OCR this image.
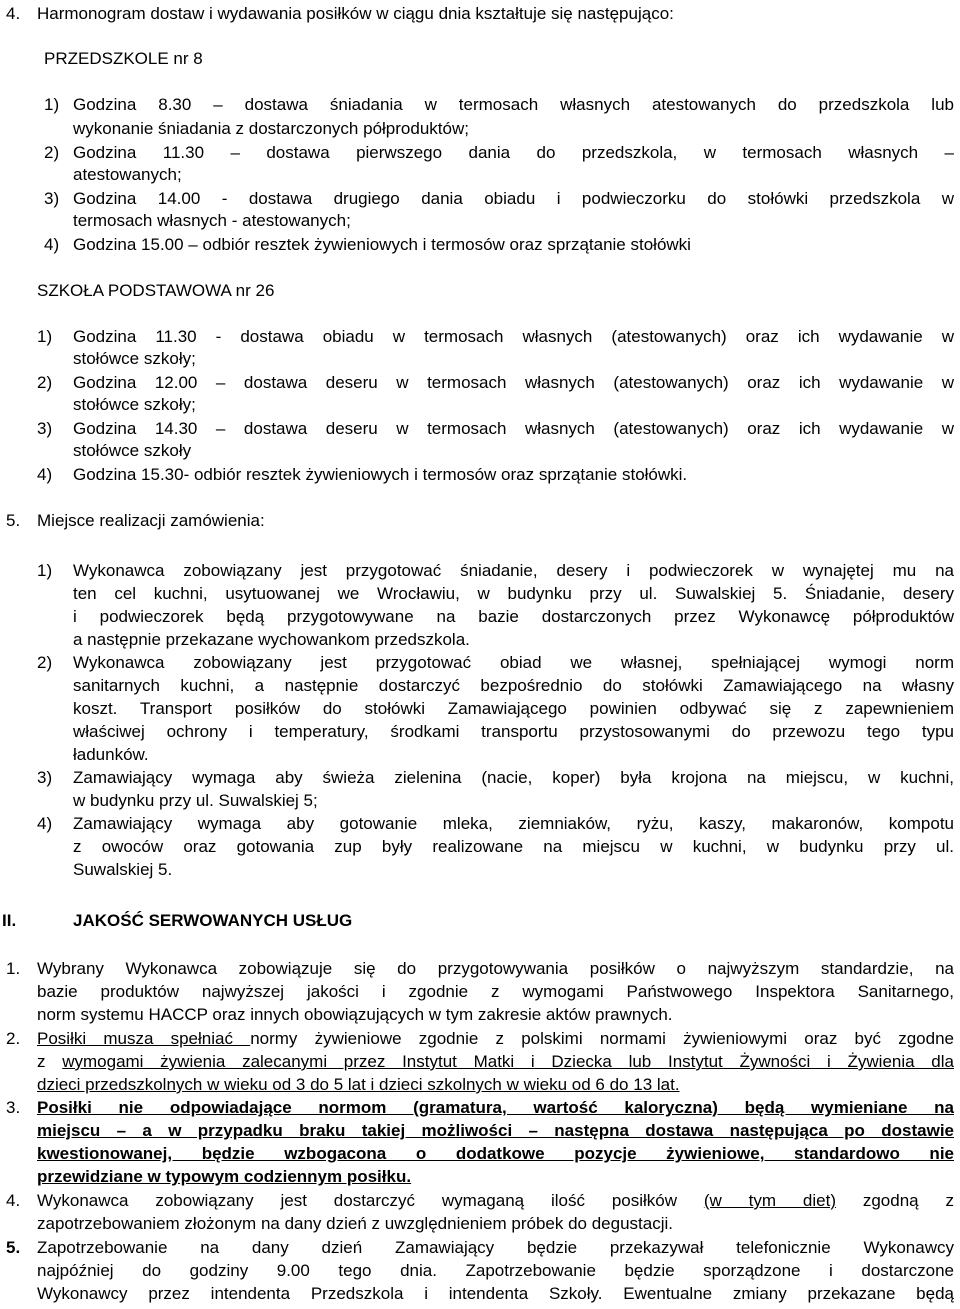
4. Harmonogram dostaw i wydawania posiłków w ciągu dnia kształtuje się następująco:
PRZEDSZKOLE nr 8
1) Godzina 8.30 – dostawa śniadania w termosach własnych atestowanych do przedszkola lub
wykonanie śniadania z dostarczonych półproduktów;
2) Godzina 11.30 – dostawa pierwszego dania do przedszkola, w termosach własnych –
atestowanych;
3) Godzina 14.00 - dostawa drugiego dania obiadu i podwieczorku do stołówki przedszkola w
termosach własnych - atestowanych;
4) Godzina 15.00 – odbiór resztek żywieniowych i termosów oraz sprzątanie stołówki
SZKOŁA PODSTAWOWA nr 26
1) Godzina 11.30 - dostawa obiadu w termosach własnych (atestowanych) oraz ich wydawanie w
stołówce szkoły;
2) Godzina 12.00 – dostawa deseru w termosach własnych (atestowanych) oraz ich wydawanie w
stołówce szkoły;
3) Godzina 14.30 – dostawa deseru w termosach własnych (atestowanych) oraz ich wydawanie w
stołówce szkoły
4) Godzina 15.30- odbiór resztek żywieniowych i termosów oraz sprzątanie stołówki.
5. Miejsce realizacji zamówienia:
1) Wykonawca zobowiązany jest przygotować śniadanie, desery i podwieczorek w wynajętej mu na
ten cel kuchni, usytuowanej we Wrocławiu, w budynku przy ul. Suwalskiej 5. Śniadanie, desery
i podwieczorek będą przygotowywane na bazie dostarczonych przez Wykonawcę półproduktów
a następnie przekazane wychowankom przedszkola.
2) Wykonawca zobowiązany jest przygotować obiad we własnej, spełniającej wymogi norm
sanitarnych kuchni, a następnie dostarczyć bezpośrednio do stołówki Zamawiającego na własny
koszt. Transport posiłków do stołówki Zamawiającego powinien odbywać się z zapewnieniem
właściwej ochrony i temperatury, środkami transportu przystosowanymi do przewozu tego typu
ładunków.
3) Zamawiający wymaga aby świeża zielenina (nacie, koper) była krojona na miejscu, w kuchni,
w budynku przy ul. Suwalskiej 5;
4) Zamawiający wymaga aby gotowanie mleka, ziemniaków, ryżu, kaszy, makaronów, kompotu
z owoców oraz gotowania zup były realizowane na miejscu w kuchni, w budynku przy ul.
Suwalskiej 5.
II.	JAKOŚĆ SERWOWANYCH USŁUG
1. Wybrany Wykonawca zobowiązuje się do przygotowywania posiłków o najwyższym standardzie, na
bazie produktów najwyższej jakości i zgodnie z wymogami Państwowego Inspektora Sanitarnego,
norm systemu HACCP oraz innych obowiązujących w tym zakresie aktów prawnych.
2. Posiłki musza spełniać normy żywieniowe zgodnie z polskimi normami żywieniowymi oraz być zgodne
z wymogami żywienia zalecanymi przez Instytut Matki i Dziecka lub Instytut Żywności i Żywienia dla
dzieci przedszkolnych w wieku od 3 do 5 lat i dzieci szkolnych w wieku od 6 do 13 lat.
3. Posiłki nie odpowiadające normom (gramatura, wartość kaloryczna) będą wymieniane na
miejscu – a w przypadku braku takiej możliwości – następna dostawa następująca po dostawie
kwestionowanej, będzie wzbogacona o dodatkowe pozycje żywieniowe, standardowo nie
przewidziane w typowym codziennym posiłku.
4. Wykonawca zobowiązany jest dostarczyć wymaganą ilość posiłków (w tym diet) zgodną z
zapotrzebowaniem złożonym na dany dzień z uwzględnieniem próbek do degustacji.
5. Zapotrzebowanie na dany dzień Zamawiający będzie przekazywał telefonicznie Wykonawcy
najpóźniej do godziny 9.00 tego dnia. Zapotrzebowanie będzie sporządzone i dostarczone
Wykonawcy przez intendenta Przedszkola i intendenta Szkoły. Ewentualne zmiany przekazane będą
